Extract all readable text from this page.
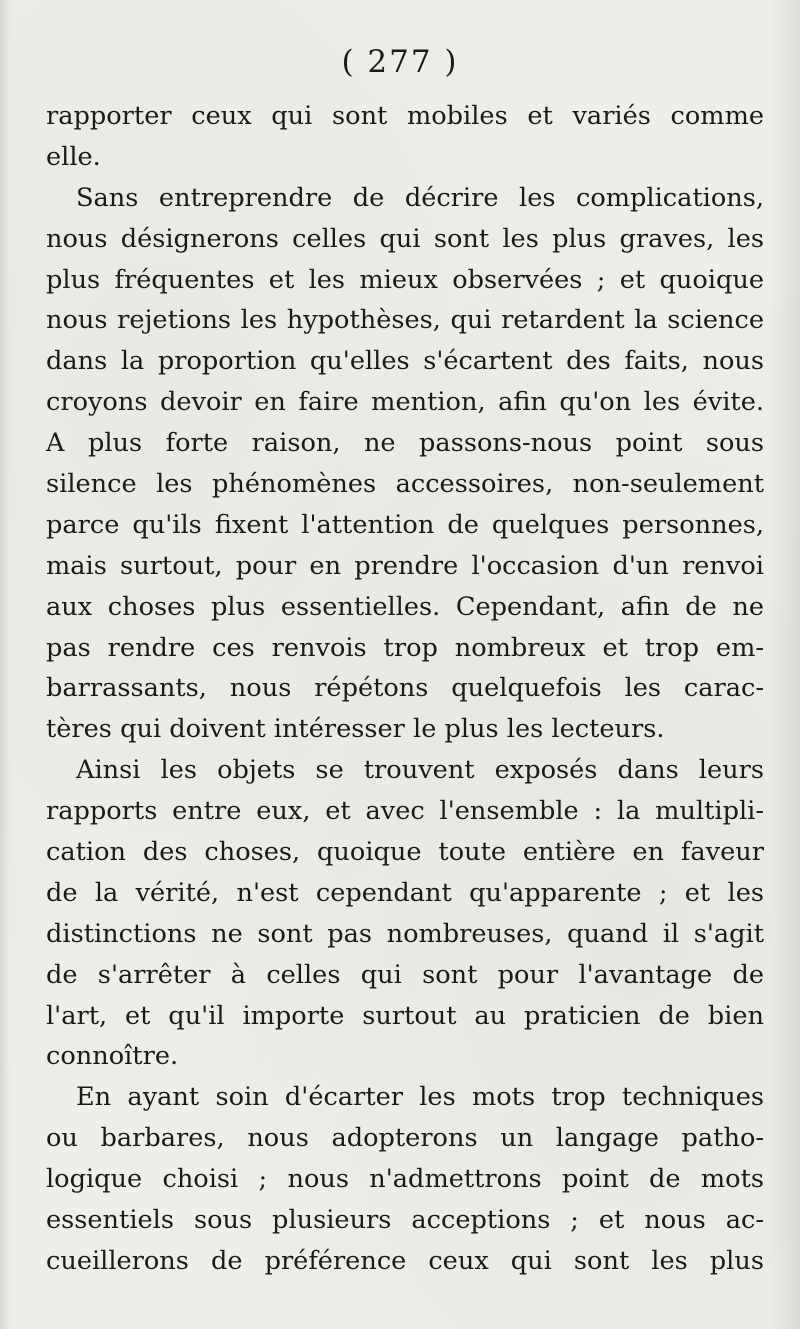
( 277 )
rapporter ceux qui sont mobiles et variés comme
elle.
Sans entreprendre de décrire les complications,
nous désignerons celles qui sont les plus graves, les
plus fréquentes et les mieux observées ; et quoique
nous rejetions les hypothèses, qui retardent la science
dans la proportion qu'elles s'écartent des faits, nous
croyons devoir en faire mention, afin qu'on les évite.
A plus forte raison, ne passons-nous point sous
silence les phénomènes accessoires, non-seulement
parce qu'ils fixent l'attention de quelques personnes,
mais surtout, pour en prendre l'occasion d'un renvoi
aux choses plus essentielles. Cependant, afin de ne
pas rendre ces renvois trop nombreux et trop em-
barrassants, nous répétons quelquefois les carac-
tères qui doivent intéresser le plus les lecteurs.
Ainsi les objets se trouvent exposés dans leurs
rapports entre eux, et avec l'ensemble : la multipli-
cation des choses, quoique toute entière en faveur
de la vérité, n'est cependant qu'apparente ; et les
distinctions ne sont pas nombreuses, quand il s'agit
de s'arrêter à celles qui sont pour l'avantage de
l'art, et qu'il importe surtout au praticien de bien
connoître.
En ayant soin d'écarter les mots trop techniques
ou barbares, nous adopterons un langage patho-
logique choisi ; nous n'admettrons point de mots
essentiels sous plusieurs acceptions ; et nous ac-
cueillerons de préférence ceux qui sont les plus
